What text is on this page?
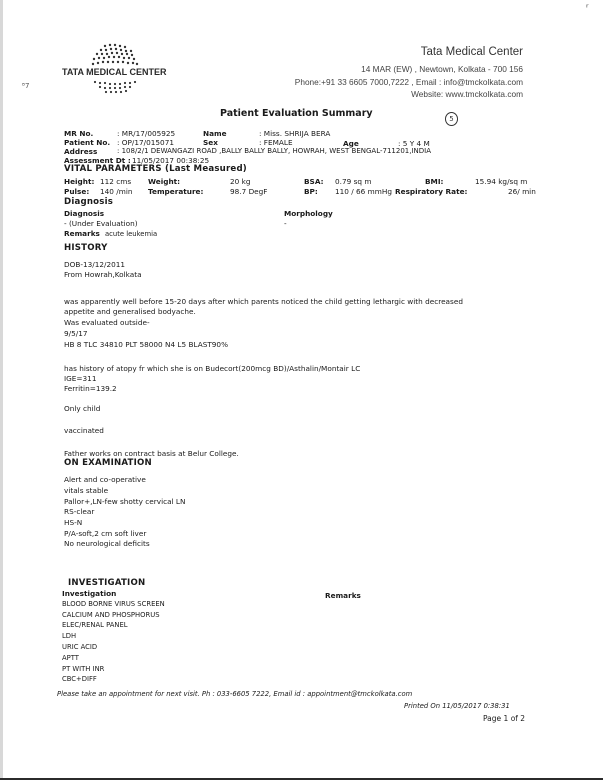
TATA MEDICAL CENTER
ᴮ7
ʳ
Tata Medical Center
14 MAR (EW) , Newtown, Kolkata - 700 156
Phone:+91 33 6605 7000,7222 , Email : info@tmckolkata.com
Website: www.tmckolkata.com
Patient Evaluation Summary	5
MR No.	: MR/17/005925	Name	: Miss. SHRIJA BERA
Patient No. : OP/17/015071	Sex	: FEMALE	Age	: 5 Y 4 M
Address	: 108/2/1 DEWANGAZI ROAD ,BALLY BALLY BALLY, HOWRAH, WEST BENGAL-711201,INDIA
Assessment Dt : 11/05/2017 00:38:25
VITAL PARAMETERS (Last Measured)
Height: 112 cms Weight:	20 kg	BSA: 0.79 sq m	BMI:	15.94 kg/sq m
Pulse: 140 /min Temperature:	98.7 DegF	BP: 110 / 66 mmHg Respiratory Rate:	26/ min
Diagnosis
Diagnosis	Morphology
- (Under Evaluation)	-
Remarks acute leukemia
HISTORY
DOB-13/12/2011
From Howrah,Kolkata
was apparently well before 15-20 days after which parents noticed the child getting lethargic with decreased
appetite and generalised bodyache.
Was evaluated outside-
9/5/17
HB 8 TLC 34810 PLT 58000 N4 L5 BLAST90%
has history of atopy fr which she is on Budecort(200mcg BD)/Asthalin/Montair LC
IGE=311
Ferritin=139.2
Only child
vaccinated
Father works on contract basis at Belur College.
ON EXAMINATION
Alert and co-operative
vitals stable
Pallor+,LN-few shotty cervical LN
RS-clear
HS-N
P/A-soft,2 cm soft liver
No neurological deficits
INVESTIGATION
Investigation	Remarks
BLOOD BORNE VIRUS SCREEN
CALCIUM AND PHOSPHORUS
ELEC/RENAL PANEL
LDH
URIC ACID
APTT
PT WITH INR
CBC+DIFF
Please take an appointment for next visit. Ph : 033-6605 7222, Email id : appointment@tmckolkata.com
Printed On 11/05/2017 0:38:31
Page 1 of 2
